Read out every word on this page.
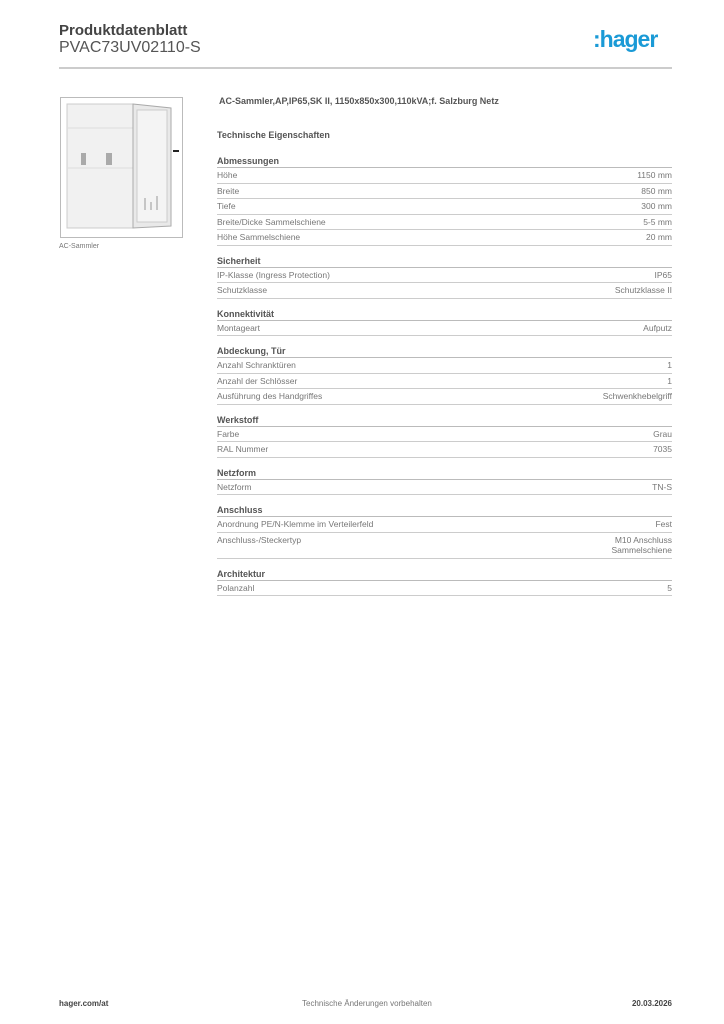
Produktdatenblatt
PVAC73UV02110-S	:hager
AC-Sammler
AC-Sammler,AP,IP65,SK II, 1150x850x300,110kVA;f. Salzburg Netz
Technische Eigenschaften
Abmessungen
Höhe	1150 mm
Breite	850 mm
Tiefe	300 mm
Breite/Dicke Sammelschiene	5-5 mm
Höhe Sammelschiene	20 mm
Sicherheit
IP-Klasse (Ingress Protection)	IP65
Schutzklasse	Schutzklasse II
Konnektivität
Montageart	Aufputz
Abdeckung, Tür
Anzahl Schranktüren	1
Anzahl der Schlösser	1
Ausführung des Handgriffes	Schwenkhebelgriff
Werkstoff
Farbe	Grau
RAL Nummer	7035
Netzform
Netzform	TN-S
Anschluss
Anordnung PE/N-Klemme im Verteilerfeld	Fest
Anschluss-/Steckertyp	M10 Anschluss
Sammelschiene
Architektur
Polanzahl	5
hager.com/at	Technische Änderungen vorbehalten	20.03.2026
